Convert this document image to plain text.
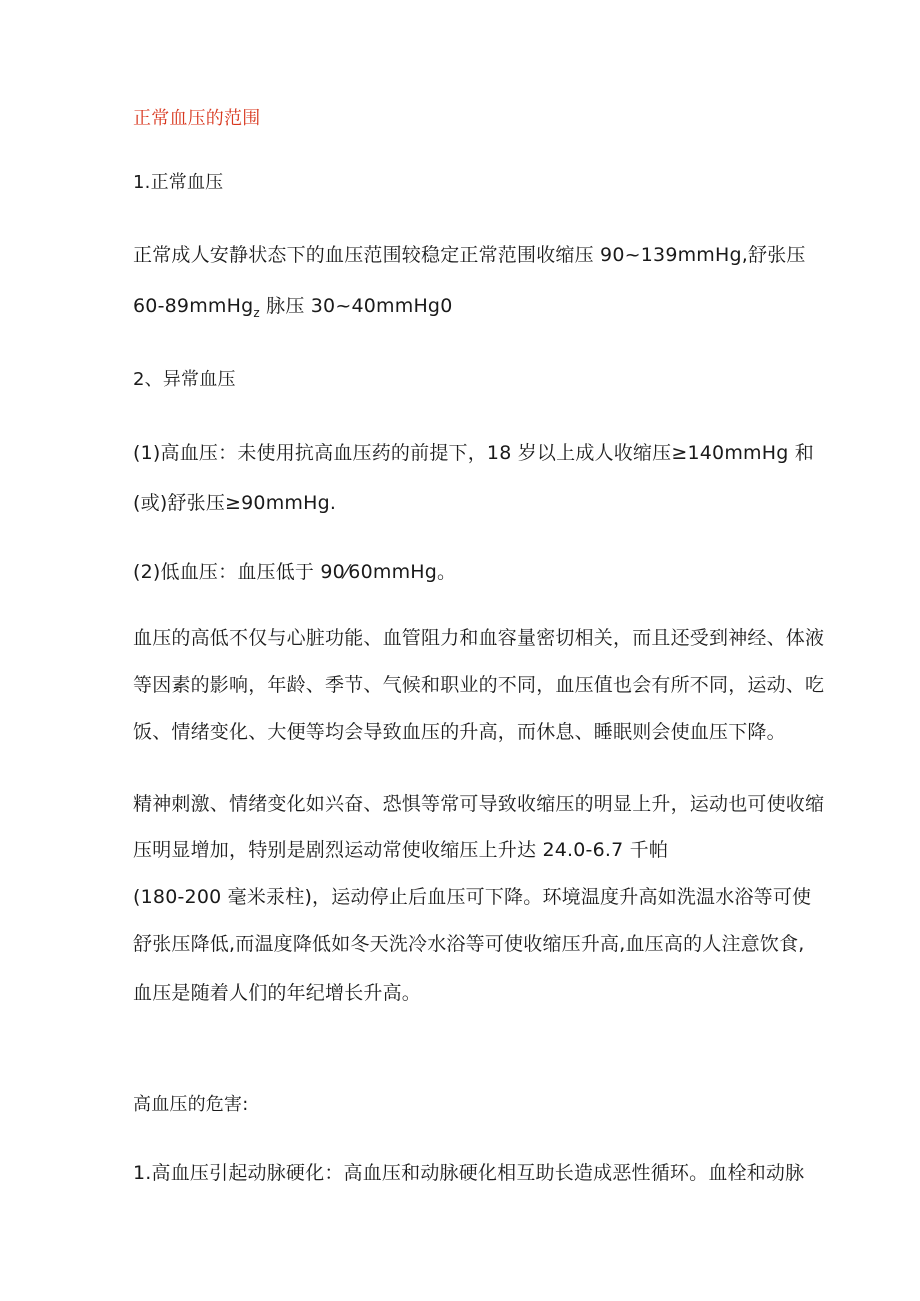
正常血压的范围

1.正常血压

正常成人安静状态下的血压范围较稳定正常范围收缩压 90~139mmHg,舒张压

60-89mmHg$_z$ 脉压 30~40mmHg0

2、异常血压

(1)高血压：未使用抗高血压药的前提下，18 岁以上成人收缩压≥140mmHg 和

(或)舒张压≥90mmHg.

(2)低血压：血压低于 90⁄60mmHg。

血压的高低不仅与心脏功能、血管阻力和血容量密切相关，而且还受到神经、体液

等因素的影响，年龄、季节、气候和职业的不同，血压值也会有所不同，运动、吃

饭、情绪变化、大便等均会导致血压的升高，而休息、睡眠则会使血压下降。

精神刺激、情绪变化如兴奋、恐惧等常可导致收缩压的明显上升，运动也可使收缩

压明显增加，特别是剧烈运动常使收缩压上升达 24.0-6.7 千帕

(180-200 毫米汞柱)，运动停止后血压可下降。环境温度升高如洗温水浴等可使

舒张压降低,而温度降低如冬天洗冷水浴等可使收缩压升高,血压高的人注意饮食,

血压是随着人们的年纪增长升高。

高血压的危害:

1.高血压引起动脉硬化：高血压和动脉硬化相互助长造成恶性循环。血栓和动脉
